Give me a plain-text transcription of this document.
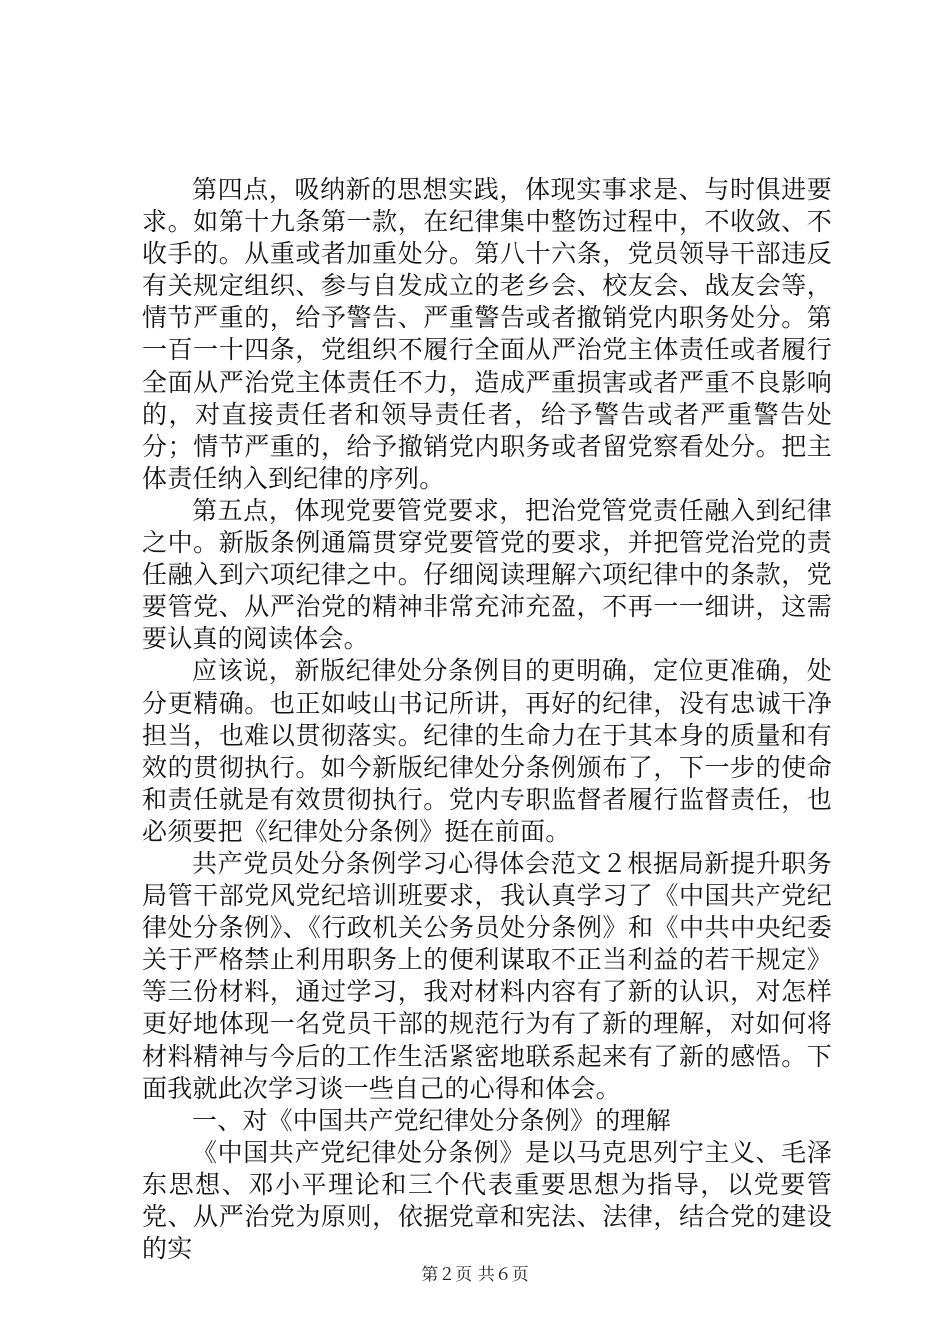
第四点，吸纳新的思想实践，体现实事求是、与时俱进要求。如第十九条第一款，在纪律集中整饬过程中，不收敛、不收手的。从重或者加重处分。第八十六条，党员领导干部违反有关规定组织、参与自发成立的老乡会、校友会、战友会等，情节严重的，给予警告、严重警告或者撤销党内职务处分。第一百一十四条，党组织不履行全面从严治党主体责任或者履行全面从严治党主体责任不力，造成严重损害或者严重不良影响的，对直接责任者和领导责任者，给予警告或者严重警告处分；情节严重的，给予撤销党内职务或者留党察看处分。把主体责任纳入到纪律的序列。

第五点，体现党要管党要求，把治党管党责任融入到纪律之中。新版条例通篇贯穿党要管党的要求，并把管党治党的责任融入到六项纪律之中。仔细阅读理解六项纪律中的条款，党要管党、从严治党的精神非常充沛充盈，不再一一细讲，这需要认真的阅读体会。

应该说，新版纪律处分条例目的更明确，定位更准确，处分更精确。也正如岐山书记所讲，再好的纪律，没有忠诚干净担当，也难以贯彻落实。纪律的生命力在于其本身的质量和有效的贯彻执行。如今新版纪律处分条例颁布了，下一步的使命和责任就是有效贯彻执行。党内专职监督者履行监督责任，也必须要把《纪律处分条例》挺在前面。

共产党员处分条例学习心得体会范文２根据局新提升职务局管干部党风党纪培训班要求，我认真学习了《中国共产党纪律处分条例》、《行政机关公务员处分条例》和《中共中央纪委关于严格禁止利用职务上的便利谋取不正当利益的若干规定》等三份材料，通过学习，我对材料内容有了新的认识，对怎样更好地体现一名党员干部的规范行为有了新的理解，对如何将材料精神与今后的工作生活紧密地联系起来有了新的感悟。下面我就此次学习谈一些自己的心得和体会。

一、对《中国共产党纪律处分条例》的理解

《中国共产党纪律处分条例》是以马克思列宁主义、毛泽东思想、邓小平理论和三个代表重要思想为指导，以党要管党、从严治党为原则，依据党章和宪法、法律，结合党的建设的实

第２页 共６页
